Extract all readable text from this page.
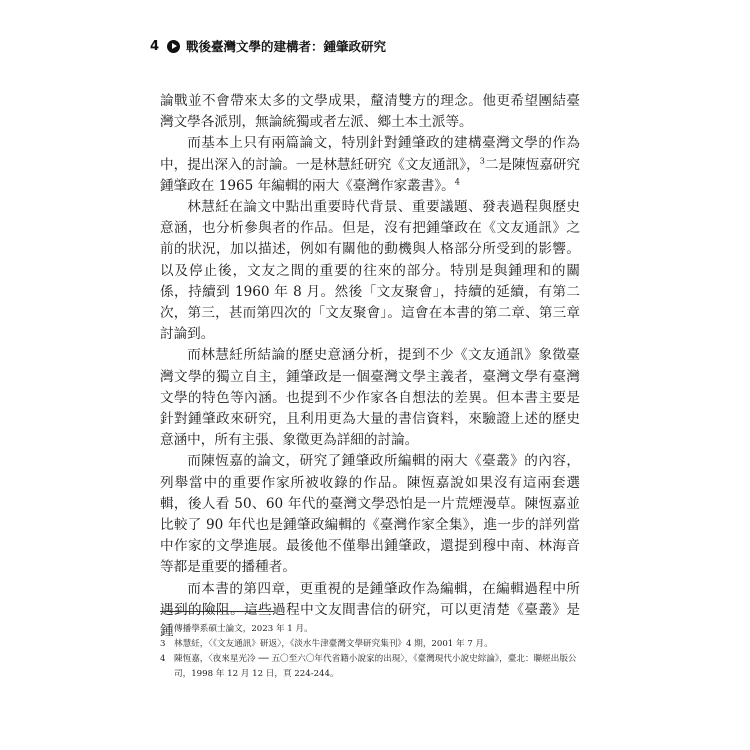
4 戰後臺灣文學的建構者：鍾肇政研究

論戰並不會帶來太多的文學成果，釐清雙方的理念。他更希望團結臺灣文學各派別，無論統獨或者左派、鄉土本土派等。

而基本上只有兩篇論文，特別針對鍾肇政的建構臺灣文學的作為中，提出深入的討論。一是林慧紝研究《文友通訊》，$^3$二是陳恆嘉研究鍾肇政在 1965 年編輯的兩大《臺灣作家叢書》。$^4$

林慧紝在論文中點出重要時代背景、重要議題、發表過程與歷史意涵，也分析參與者的作品。但是，沒有把鍾肇政在《文友通訊》之前的狀況，加以描述，例如有關他的動機與人格部分所受到的影響。以及停止後，文友之間的重要的往來的部分。特別是與鍾理和的關係，持續到 1960 年 8 月。然後「文友聚會」，持續的延續，有第二次，第三，甚而第四次的「文友聚會」。這會在本書的第二章、第三章討論到。

而林慧紝所結論的歷史意涵分析，提到不少《文友通訊》象徵臺灣文學的獨立自主，鍾肇政是一個臺灣文學主義者，臺灣文學有臺灣文學的特色等內涵。也提到不少作家各自想法的差異。但本書主要是針對鍾肇政來研究，且利用更為大量的書信資料，來驗證上述的歷史意涵中，所有主張、象徵更為詳細的討論。

而陳恆嘉的論文，研究了鍾肇政所編輯的兩大《臺叢》的內容，列舉當中的重要作家所被收錄的作品。陳恆嘉說如果沒有這兩套選輯，後人看 50、60 年代的臺灣文學恐怕是一片荒煙漫草。陳恆嘉並比較了 90 年代也是鍾肇政編輯的《臺灣作家全集》，進一步的詳列當中作家的文學進展。最後他不僅舉出鍾肇政，還提到穆中南、林海音等都是重要的播種者。

而本書的第四章，更重視的是鍾肇政作為編輯，在編輯過程中所遇到的險阻。這些過程中文友間書信的研究，可以更清楚《臺叢》是鍾 傳播學系碩士論文，2023 年 1 月。
3 林慧紝，〈《文友通訊》研返〉，《淡水牛津臺灣文學研究集刊》4 期，2001 年 7 月。
4 陳恆嘉，〈夜來星光冷 ── 五〇至六〇年代省籍小說家的出現〉，《臺灣現代小說史綜論》，臺北：聯經出版公司，1998 年 12 月 12 日，頁 224-244。
